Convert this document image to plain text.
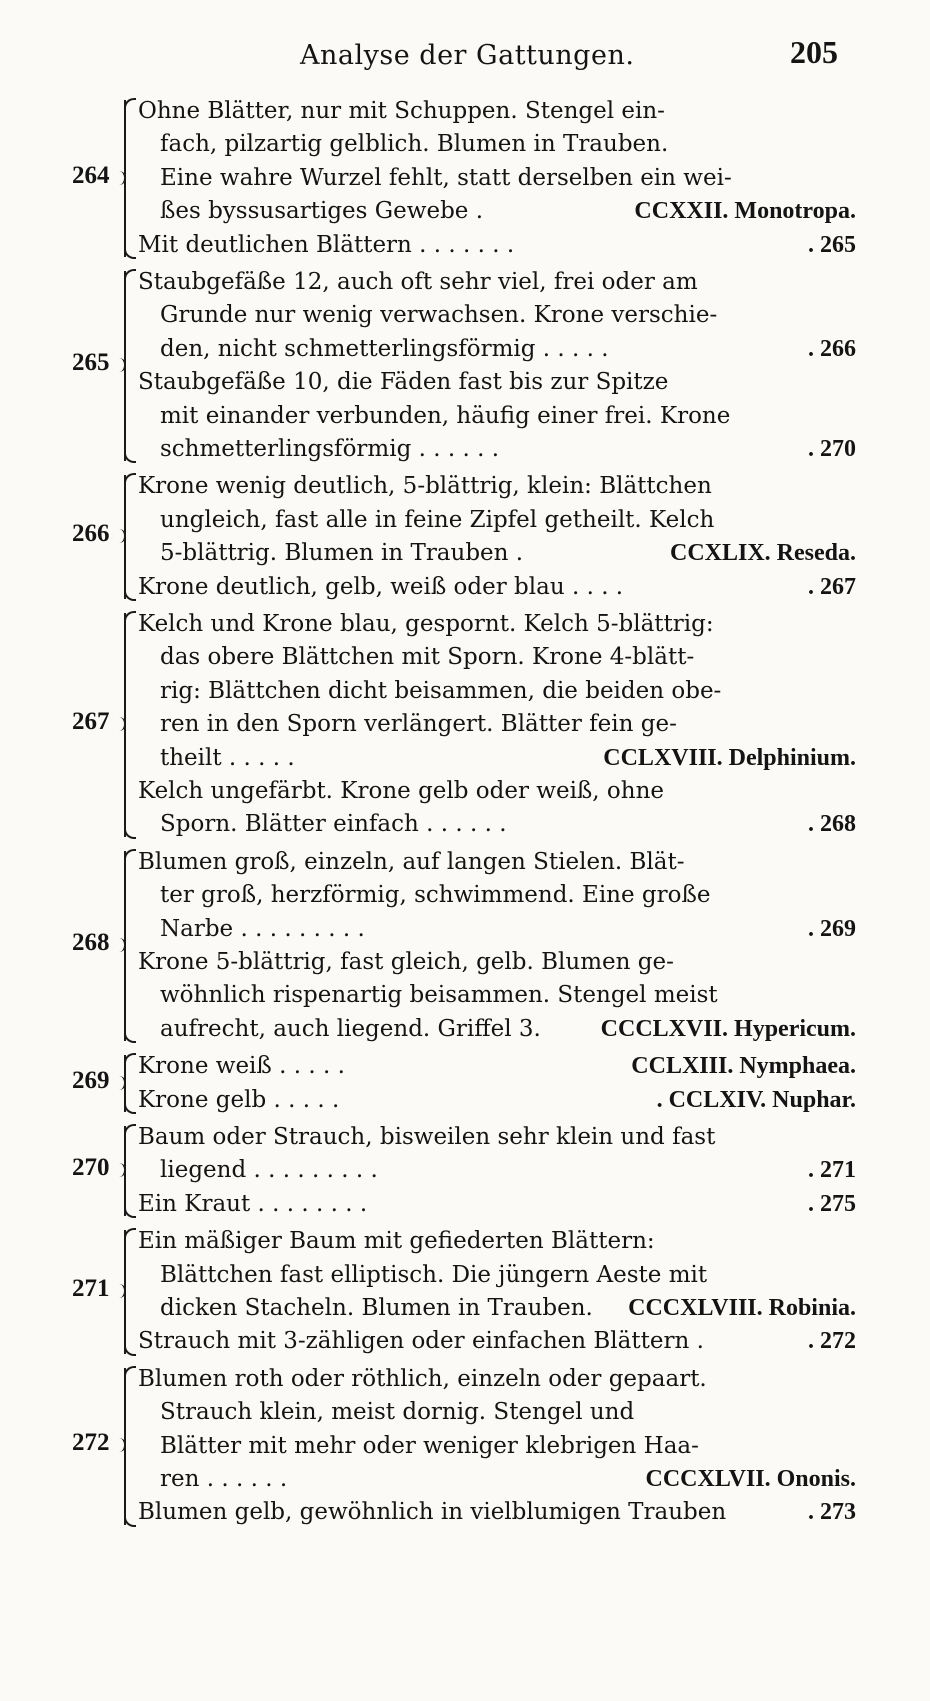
Analyse der Gattungen.	205
264
Ohne Blätter, nur mit Schuppen. Stengel ein-
fach, pilzartig gelblich. Blumen in Trauben.
Eine wahre Wurzel fehlt, statt derselben ein wei-
ßes byssusartiges Gewebe .	CCXXII. Monotropa.
Mit deutlichen Blättern . . . . . . .	. 265
265
Staubgefäße 12, auch oft sehr viel, frei oder am
Grunde nur wenig verwachsen. Krone verschie-
den, nicht schmetterlingsförmig . . . . .	. 266
Staubgefäße 10, die Fäden fast bis zur Spitze
mit einander verbunden, häufig einer frei. Krone
schmetterlingsförmig . . . . . .	. 270
266
Krone wenig deutlich, 5-blättrig, klein: Blättchen
ungleich, fast alle in feine Zipfel getheilt. Kelch
5-blättrig. Blumen in Trauben .	CCXLIX. Reseda.
Krone deutlich, gelb, weiß oder blau . . . .	. 267
267
Kelch und Krone blau, gespornt. Kelch 5-blättrig:
das obere Blättchen mit Sporn. Krone 4-blätt-
rig: Blättchen dicht beisammen, die beiden obe-
ren in den Sporn verlängert. Blätter fein ge-
theilt . . . . .	CCLXVIII. Delphinium.
Kelch ungefärbt. Krone gelb oder weiß, ohne
Sporn. Blätter einfach . . . . . .	. 268
268
Blumen groß, einzeln, auf langen Stielen. Blät-
ter groß, herzförmig, schwimmend. Eine große
Narbe . . . . . . . . .	. 269
Krone 5-blättrig, fast gleich, gelb. Blumen ge-
wöhnlich rispenartig beisammen. Stengel meist
aufrecht, auch liegend. Griffel 3. CCCLXVII. Hypericum.
269
Krone weiß . . . . .	CCLXIII. Nymphaea.
Krone gelb . . . . .	. CCLXIV. Nuphar.
270
Baum oder Strauch, bisweilen sehr klein und fast
liegend . . . . . . . . .	. 271
Ein Kraut . . . . . . . .	. 275
271
Ein mäßiger Baum mit gefiederten Blättern:
Blättchen fast elliptisch. Die jüngern Aeste mit
dicken Stacheln. Blumen in Trauben. CCCXLVIII. Robinia.
Strauch mit 3-zähligen oder einfachen Blättern .	. 272
272
Blumen roth oder röthlich, einzeln oder gepaart.
Strauch klein, meist dornig. Stengel und
Blätter mit mehr oder weniger klebrigen Haa-
ren . . . . . .	CCCXLVII. Ononis.
Blumen gelb, gewöhnlich in vielblumigen Trauben	. 273
